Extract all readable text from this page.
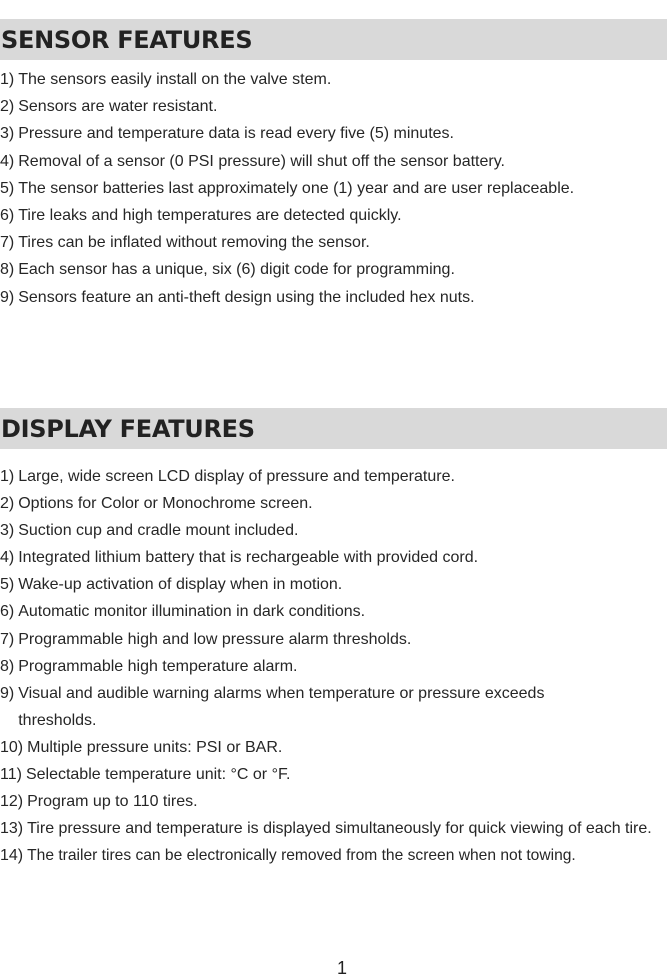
SENSOR FEATURES
1) The sensors easily install on the valve stem.
2) Sensors are water resistant.
3) Pressure and temperature data is read every five (5) minutes.
4) Removal of a sensor (0 PSI pressure) will shut off the sensor battery.
5) The sensor batteries last approximately one (1) year and are user replaceable.
6) Tire leaks and high temperatures are detected quickly.
7) Tires can be inflated without removing the sensor.
8) Each sensor has a unique, six (6) digit code for programming.
9) Sensors feature an anti-theft design using the included hex nuts.
DISPLAY FEATURES
1) Large, wide screen LCD display of pressure and temperature.
2) Options for Color or Monochrome screen.
3) Suction cup and cradle mount included.
4) Integrated lithium battery that is rechargeable with provided cord.
5) Wake-up activation of display when in motion.
6) Automatic monitor illumination in dark conditions.
7) Programmable high and low pressure alarm thresholds.
8) Programmable high temperature alarm.
9) Visual and audible warning alarms when temperature or pressure exceeds thresholds.
10) Multiple pressure units: PSI or BAR.
11) Selectable temperature unit: °C or °F.
12) Program up to 110 tires.
13) Tire pressure and temperature is displayed simultaneously for quick viewing of each tire.
14) The trailer tires can be electronically removed from the screen when not towing.
1
